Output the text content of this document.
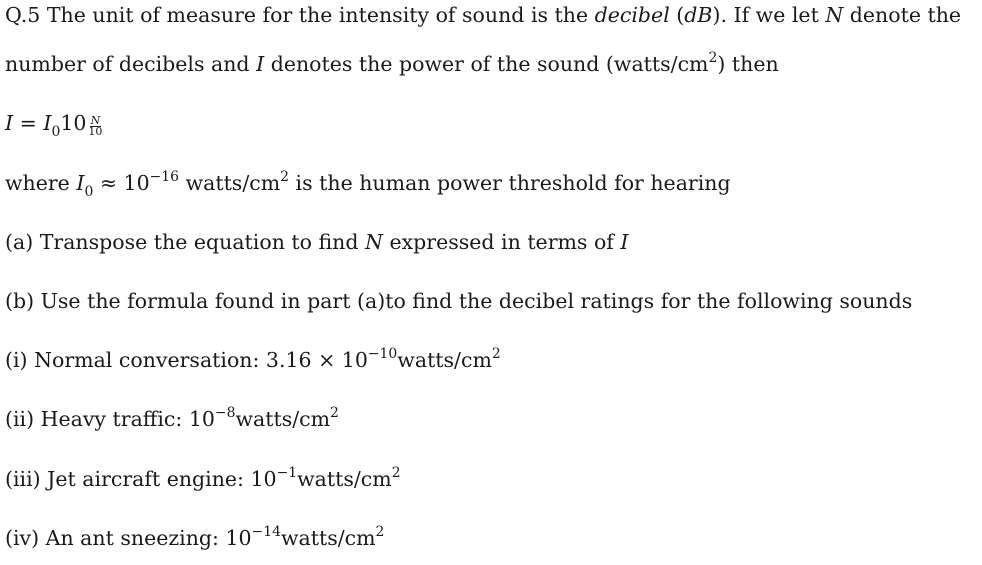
Q.5 The unit of measure for the intensity of sound is the decibel (dB). If we let N denote the
number of decibels and I denotes the power of the sound $(watts/cm^2)$ then
$I = I_010 \frac{N}{10}$
where $I_0 \approx 10^{-16}$ watts/$cm^2$ is the human power threshold for hearing
(a) Transpose the equation to find N expressed in terms of I
(b) Use the formula found in part (a)to find the decibel ratings for the following sounds
(i) Normal conversation: $3.16 \times 10^{-10}watts/cm^2$
(ii) Heavy traffic: $10^{-8}watts/cm^2$
(iii) Jet aircraft engine: $10^{-1}watts/cm^2$
(iv) An ant sneezing: $10^{-14}watts/cm^2$
